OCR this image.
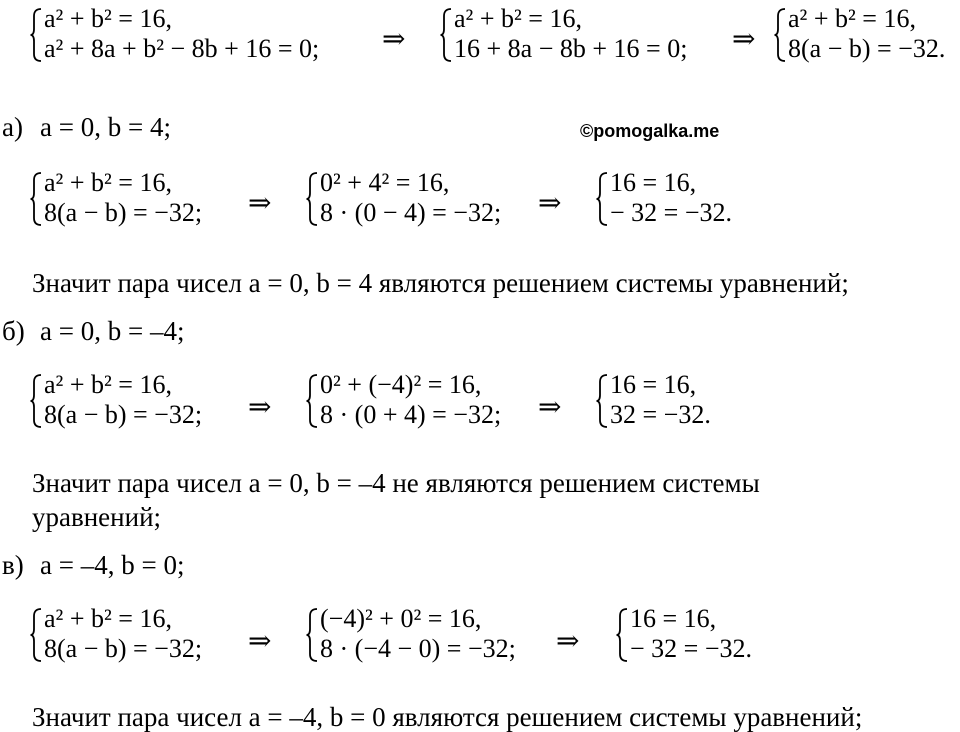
a² + b² = 16,
a² + 8a + b² − 8b + 16 = 0; ⇒
a² + b² = 16,
16 + 8a − 8b + 16 = 0; ⇒
a² + b² = 16,
8(a − b) = −32.
а) a = 0, b = 4;	©pomogalka.me
a² + b² = 16,
8(a − b) = −32; ⇒
0² + 4² = 16,
8 · (0 − 4) = −32; ⇒
16 = 16,
− 32 = −32.
Значит пара чисел a = 0, b = 4 являются решением системы уравнений;
б) a = 0, b = –4;
a² + b² = 16,
8(a − b) = −32; ⇒
0² + (−4)² = 16,
8 · (0 + 4) = −32; ⇒
16 = 16,
32 = −32.
Значит пара чисел a = 0, b = –4 не являются решением системы
уравнений;
в) a = –4, b = 0;
a² + b² = 16,
8(a − b) = −32; ⇒
(−4)² + 0² = 16,
8 · (−4 − 0) = −32; ⇒
16 = 16,
− 32 = −32.
Значит пара чисел a = –4, b = 0 являются решением системы уравнений;
